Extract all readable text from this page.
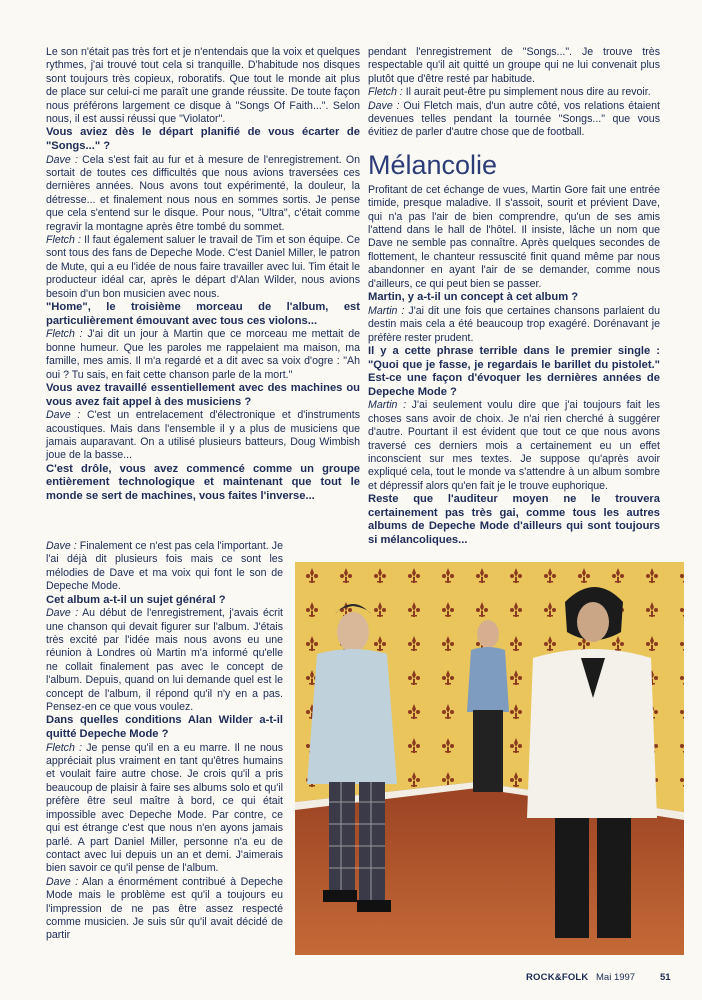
Le son n'était pas très fort et je n'entendais que la voix et quelques rythmes, j'ai trouvé tout cela si tranquille. D'habitude nos disques sont toujours très copieux, roboratifs. Que tout le monde ait plus de place sur celui-ci me paraît une grande réussite. De toute façon nous préférons largement ce disque à "Songs Of Faith...". Selon nous, il est aussi réussi que "Violator".

Vous aviez dès le départ planifié de vous écarter de "Songs..." ?

Dave : Cela s'est fait au fur et à mesure de l'enregistrement. On sortait de toutes ces difficultés que nous avions traversées ces dernières années. Nous avons tout expérimenté, la douleur, la détresse... et finalement nous nous en sommes sortis. Je pense que cela s'entend sur le disque. Pour nous, "Ultra", c'était comme regravir la montagne après être tombé du sommet.

Fletch : Il faut également saluer le travail de Tim et son équipe. Ce sont tous des fans de Depeche Mode. C'est Daniel Miller, le patron de Mute, qui a eu l'idée de nous faire travailler avec lui. Tim était le producteur idéal car, après le départ d'Alan Wilder, nous avions besoin d'un bon musicien avec nous.

"Home", le troisième morceau de l'album, est particulièrement émouvant avec tous ces violons...

Fletch : J'ai dit un jour à Martin que ce morceau me mettait de bonne humeur. Que les paroles me rappelaient ma maison, ma famille, mes amis. Il m'a regardé et a dit avec sa voix d'ogre : "Ah oui ? Tu sais, en fait cette chanson parle de la mort."

Vous avez travaillé essentiellement avec des machines ou vous avez fait appel à des musiciens ?

Dave : C'est un entrelacement d'électronique et d'instruments acoustiques. Mais dans l'ensemble il y a plus de musiciens que jamais auparavant. On a utilisé plusieurs batteurs, Doug Wimbish joue de la basse...

C'est drôle, vous avez commencé comme un groupe entièrement technologique et maintenant que tout le monde se sert de machines, vous faites l'inverse...

Dave : Finalement ce n'est pas cela l'important. Je l'ai déjà dit plusieurs fois mais ce sont les mélodies de Dave et ma voix qui font le son de Depeche Mode.

Cet album a-t-il un sujet général ?

Dave : Au début de l'enregistrement, j'avais écrit une chanson qui devait figurer sur l'album. J'étais très excité par l'idée mais nous avons eu une réunion à Londres où Martin m'a informé qu'elle ne collait finalement pas avec le concept de l'album. Depuis, quand on lui demande quel est le concept de l'album, il répond qu'il n'y en a pas. Pensez-en ce que vous voulez.

Dans quelles conditions Alan Wilder a-t-il quitté Depeche Mode ?

Fletch : Je pense qu'il en a eu marre. Il ne nous appréciait plus vraiment en tant qu'êtres humains et voulait faire autre chose. Je crois qu'il a pris beaucoup de plaisir à faire ses albums solo et qu'il préfère être seul maître à bord, ce qui était impossible avec Depeche Mode. Par contre, ce qui est étrange c'est que nous n'en ayons jamais parlé. A part Daniel Miller, personne n'a eu de contact avec lui depuis un an et demi. J'aimerais bien savoir ce qu'il pense de l'album.

Dave : Alan a énormément contribué à Depeche Mode mais le problème est qu'il a toujours eu l'impression de ne pas être assez respecté comme musicien. Je suis sûr qu'il avait décidé de partir

pendant l'enregistrement de "Songs...". Je trouve très respectable qu'il ait quitté un groupe qui ne lui convenait plus plutôt que d'être resté par habitude.

Fletch : Il aurait peut-être pu simplement nous dire au revoir.

Dave : Oui Fletch mais, d'un autre côté, vos relations étaient devenues telles pendant la tournée "Songs..." que vous évitiez de parler d'autre chose que de football.

Mélancolie

Profitant de cet échange de vues, Martin Gore fait une entrée timide, presque maladive. Il s'assoit, sourit et prévient Dave, qui n'a pas l'air de bien comprendre, qu'un de ses amis l'attend dans le hall de l'hôtel. Il insiste, lâche un nom que Dave ne semble pas connaître. Après quelques secondes de flottement, le chanteur ressuscité finit quand même par nous abandonner en ayant l'air de se demander, comme nous d'ailleurs, ce qui peut bien se passer.

Martin, y a-t-il un concept à cet album ?

Martin : J'ai dit une fois que certaines chansons parlaient du destin mais cela a été beaucoup trop exagéré. Dorénavant je préfère rester prudent.

Il y a cette phrase terrible dans le premier single : "Quoi que je fasse, je regardais le barillet du pistolet." Est-ce une façon d'évoquer les dernières années de Depeche Mode ?

Martin : J'ai seulement voulu dire que j'ai toujours fait les choses sans avoir de choix. Je n'ai rien cherché à suggérer d'autre. Pourtant il est évident que tout ce que nous avons traversé ces derniers mois a certainement eu un effet inconscient sur mes textes. Je suppose qu'après avoir expliqué cela, tout le monde va s'attendre à un album sombre et dépressif alors qu'en fait je le trouve euphorique.

Reste que l'auditeur moyen ne le trouvera certainement pas très gai, comme tous les autres albums de Depeche Mode d'ailleurs qui sont toujours si mélancoliques...

ROCK&FOLK Mai 1997	51
